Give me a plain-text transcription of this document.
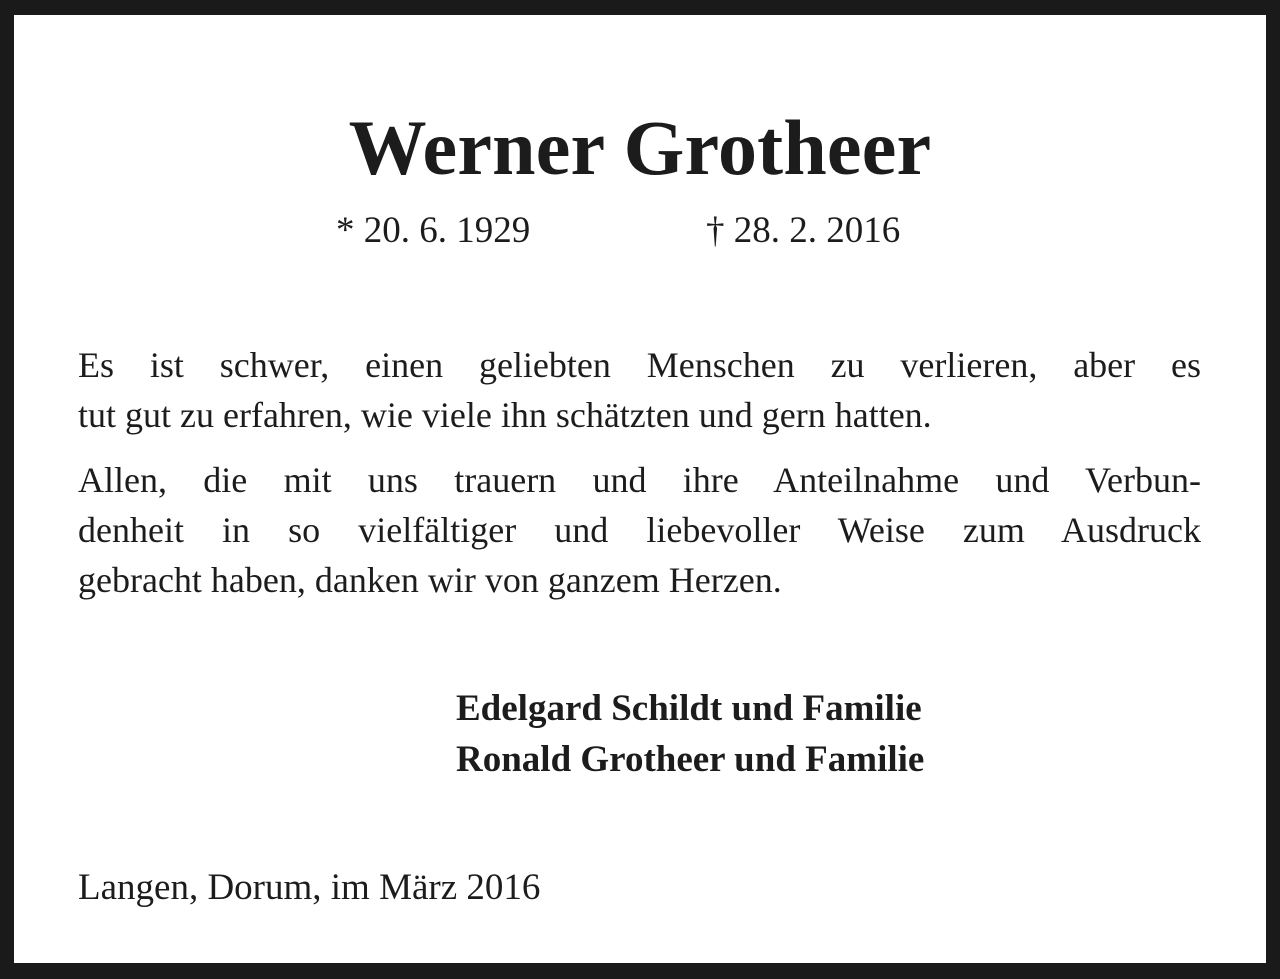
Werner Grotheer
* 20. 6. 1929	† 28. 2. 2016

Es ist schwer, einen geliebten Menschen zu verlieren, aber es
tut gut zu erfahren, wie viele ihn schätzten und gern hatten.

Allen, die mit uns trauern und ihre Anteilnahme und Verbun-
denheit in so vielfältiger und liebevoller Weise zum Ausdruck
gebracht haben, danken wir von ganzem Herzen.

Edelgard Schildt und Familie
Ronald Grotheer und Familie
Langen, Dorum, im März 2016
